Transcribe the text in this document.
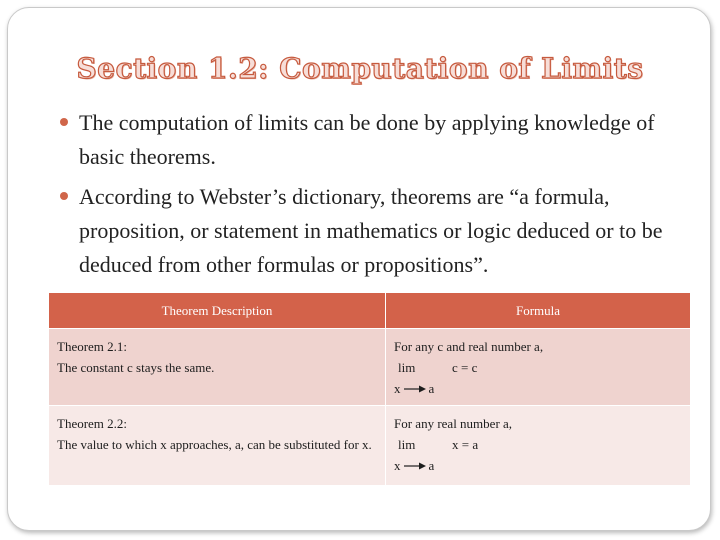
Section 1.2: Computation of Limits
The computation of limits can be done by applying knowledge of basic theorems.
According to Webster’s dictionary, theorems are “a formula, proposition, or statement in mathematics or logic deduced or to be deduced from other formulas or propositions”.
Theorem Description	Formula

Theorem 2.1:
The constant c stays the same.	For any c and real number a,
lim c = c
x a

Theorem 2.2:
The value to which x approaches, a, can be substituted for x.	For any real number a,
lim x = a
x a
